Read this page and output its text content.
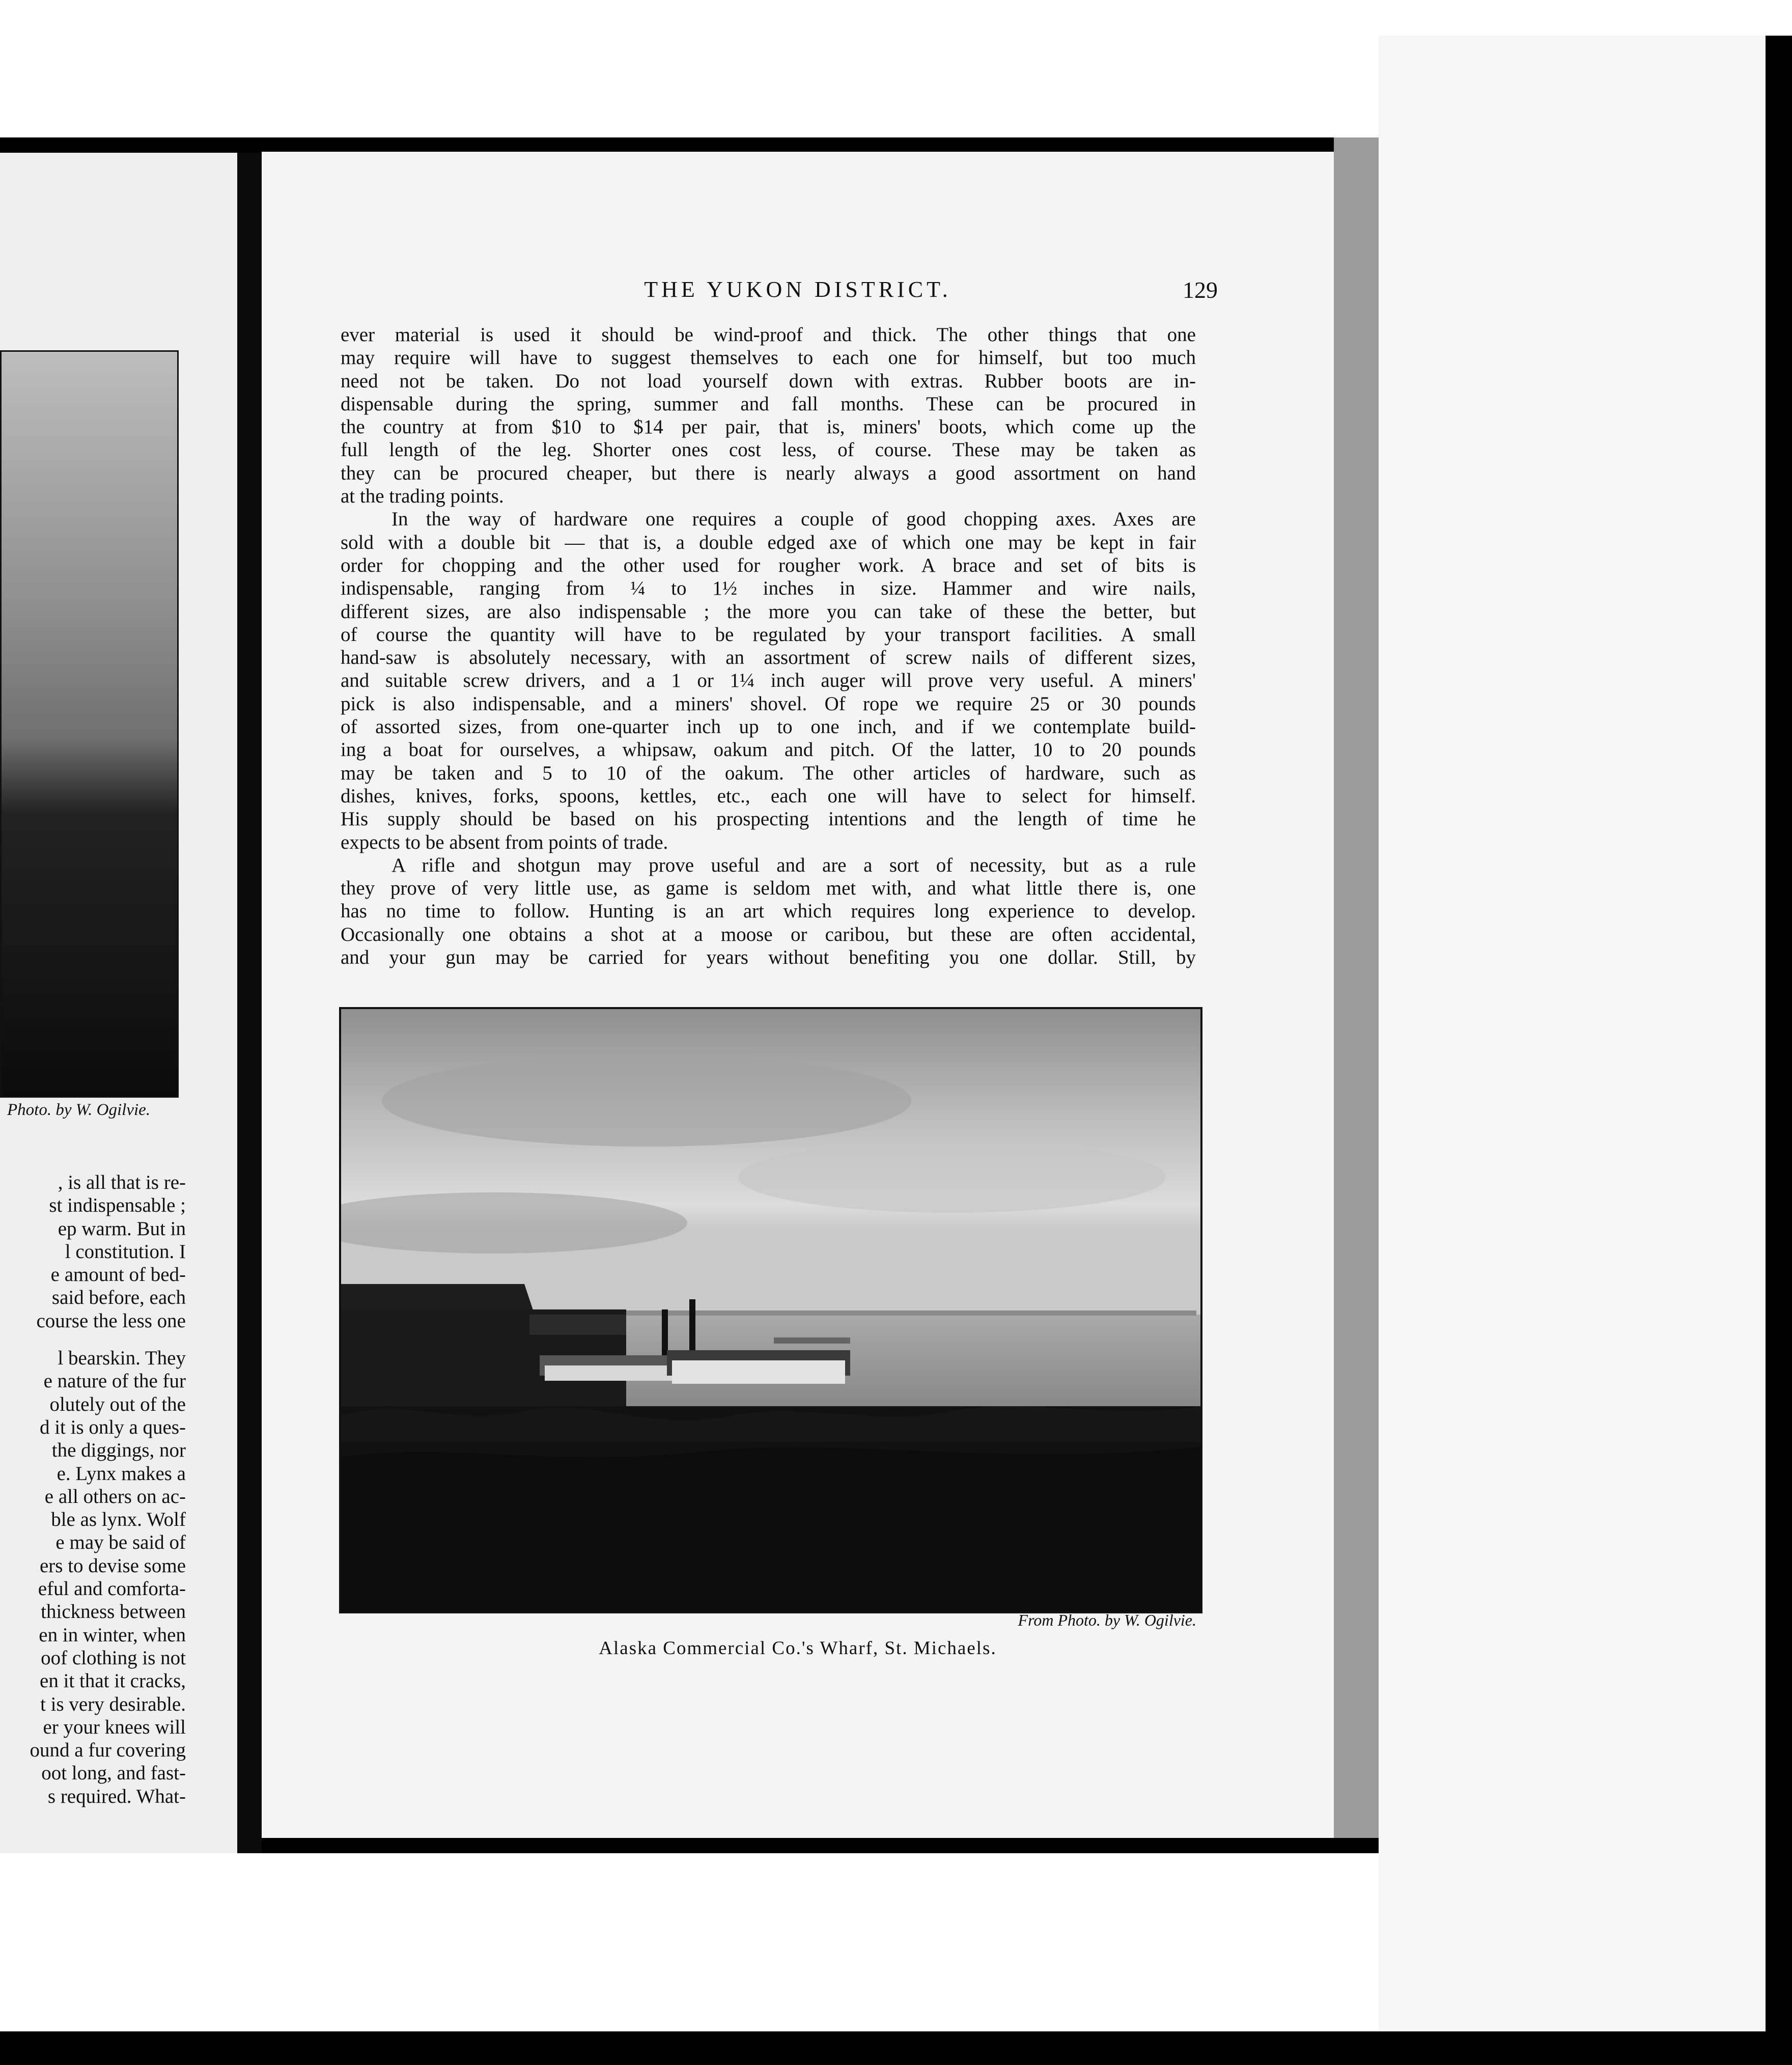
Photo. by W. Ogilvie.
, is all that is re-
st indispensable ;
ep warm. But in
l constitution. I
e amount of bed-
said before, each
course the less one
l bearskin. They
e nature of the fur
olutely out of the
d it is only a ques-
the diggings, nor
e. Lynx makes a
e all others on ac-
ble as lynx. Wolf
e may be said of
ers to devise some
eful and comforta-
thickness between
en in winter, when
oof clothing is not
en it that it cracks,
t is very desirable.
er your knees will
ound a fur covering
oot long, and fast-
s required. What-
THE YUKON DISTRICT.	129
ever material is used it should be wind-proof and thick. The other things that one
may require will have to suggest themselves to each one for himself, but too much
need not be taken. Do not load yourself down with extras. Rubber boots are in-
dispensable during the spring, summer and fall months. These can be procured in
the country at from $10 to $14 per pair, that is, miners' boots, which come up the
full length of the leg. Shorter ones cost less, of course. These may be taken as
they can be procured cheaper, but there is nearly always a good assortment on hand
at the trading points.
In the way of hardware one requires a couple of good chopping axes. Axes are
sold with a double bit — that is, a double edged axe of which one may be kept in fair
order for chopping and the other used for rougher work. A brace and set of bits is
indispensable, ranging from ¼ to 1½ inches in size. Hammer and wire nails,
different sizes, are also indispensable ; the more you can take of these the better, but
of course the quantity will have to be regulated by your transport facilities. A small
hand-saw is absolutely necessary, with an assortment of screw nails of different sizes,
and suitable screw drivers, and a 1 or 1¼ inch auger will prove very useful. A miners'
pick is also indispensable, and a miners' shovel. Of rope we require 25 or 30 pounds
of assorted sizes, from one-quarter inch up to one inch, and if we contemplate build-
ing a boat for ourselves, a whipsaw, oakum and pitch. Of the latter, 10 to 20 pounds
may be taken and 5 to 10 of the oakum. The other articles of hardware, such as
dishes, knives, forks, spoons, kettles, etc., each one will have to select for himself.
His supply should be based on his prospecting intentions and the length of time he
expects to be absent from points of trade.
A rifle and shotgun may prove useful and are a sort of necessity, but as a rule
they prove of very little use, as game is seldom met with, and what little there is, one
has no time to follow. Hunting is an art which requires long experience to develop.
Occasionally one obtains a shot at a moose or caribou, but these are often accidental,
and your gun may be carried for years without benefiting you one dollar. Still, by
From Photo. by W. Ogilvie.
Alaska Commercial Co.'s Wharf, St. Michaels.
